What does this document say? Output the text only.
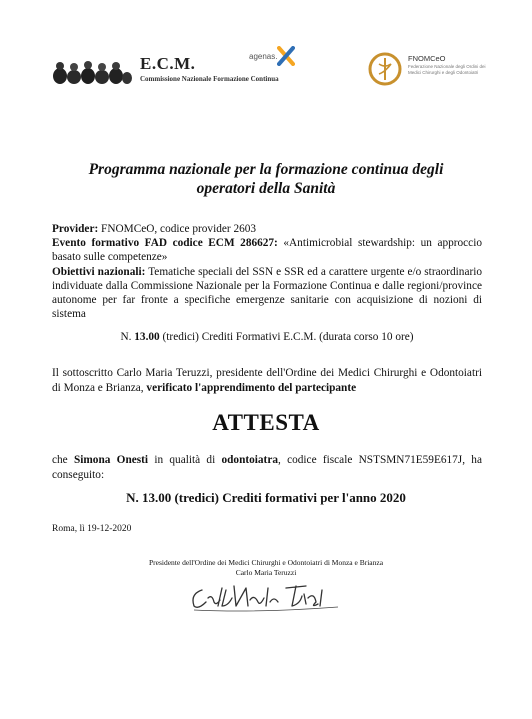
E.C.M.
Commissione Nazionale Formazione Continua
agenas.	FNOMCeO
Federazione Nazionale degli Ordini dei Medici Chirurghi e degli Odontoiatri
Programma nazionale per la formazione continua degli operatori della Sanità

Provider: FNOMCeO, codice provider 2603

Evento formativo FAD codice ECM 286627: «Antimicrobial stewardship: un approccio basato sulle competenze»

Obiettivi nazionali: Tematiche speciali del SSN e SSR ed a carattere urgente e/o straordinario individuate dalla Commissione Nazionale per la Formazione Continua e dalle regioni/province autonome per far fronte a specifiche emergenze sanitarie con acquisizione di nozioni di sistema

N. 13.00 (tredici) Crediti Formativi E.C.M. (durata corso 10 ore)
Il sottoscritto Carlo Maria Teruzzi, presidente dell'Ordine dei Medici Chirurghi e Odontoiatri di Monza e Brianza, verificato l'apprendimento del partecipante
ATTESTA
che Simona Onesti in qualità di odontoiatra, codice fiscale NSTSMN71E59E617J, ha conseguito:
N. 13.00 (tredici) Crediti formativi per l'anno 2020
Roma, lì 19-12-2020
Presidente dell'Ordine dei Medici Chirurghi e Odontoiatri di Monza e Brianza
Carlo Maria Teruzzi
